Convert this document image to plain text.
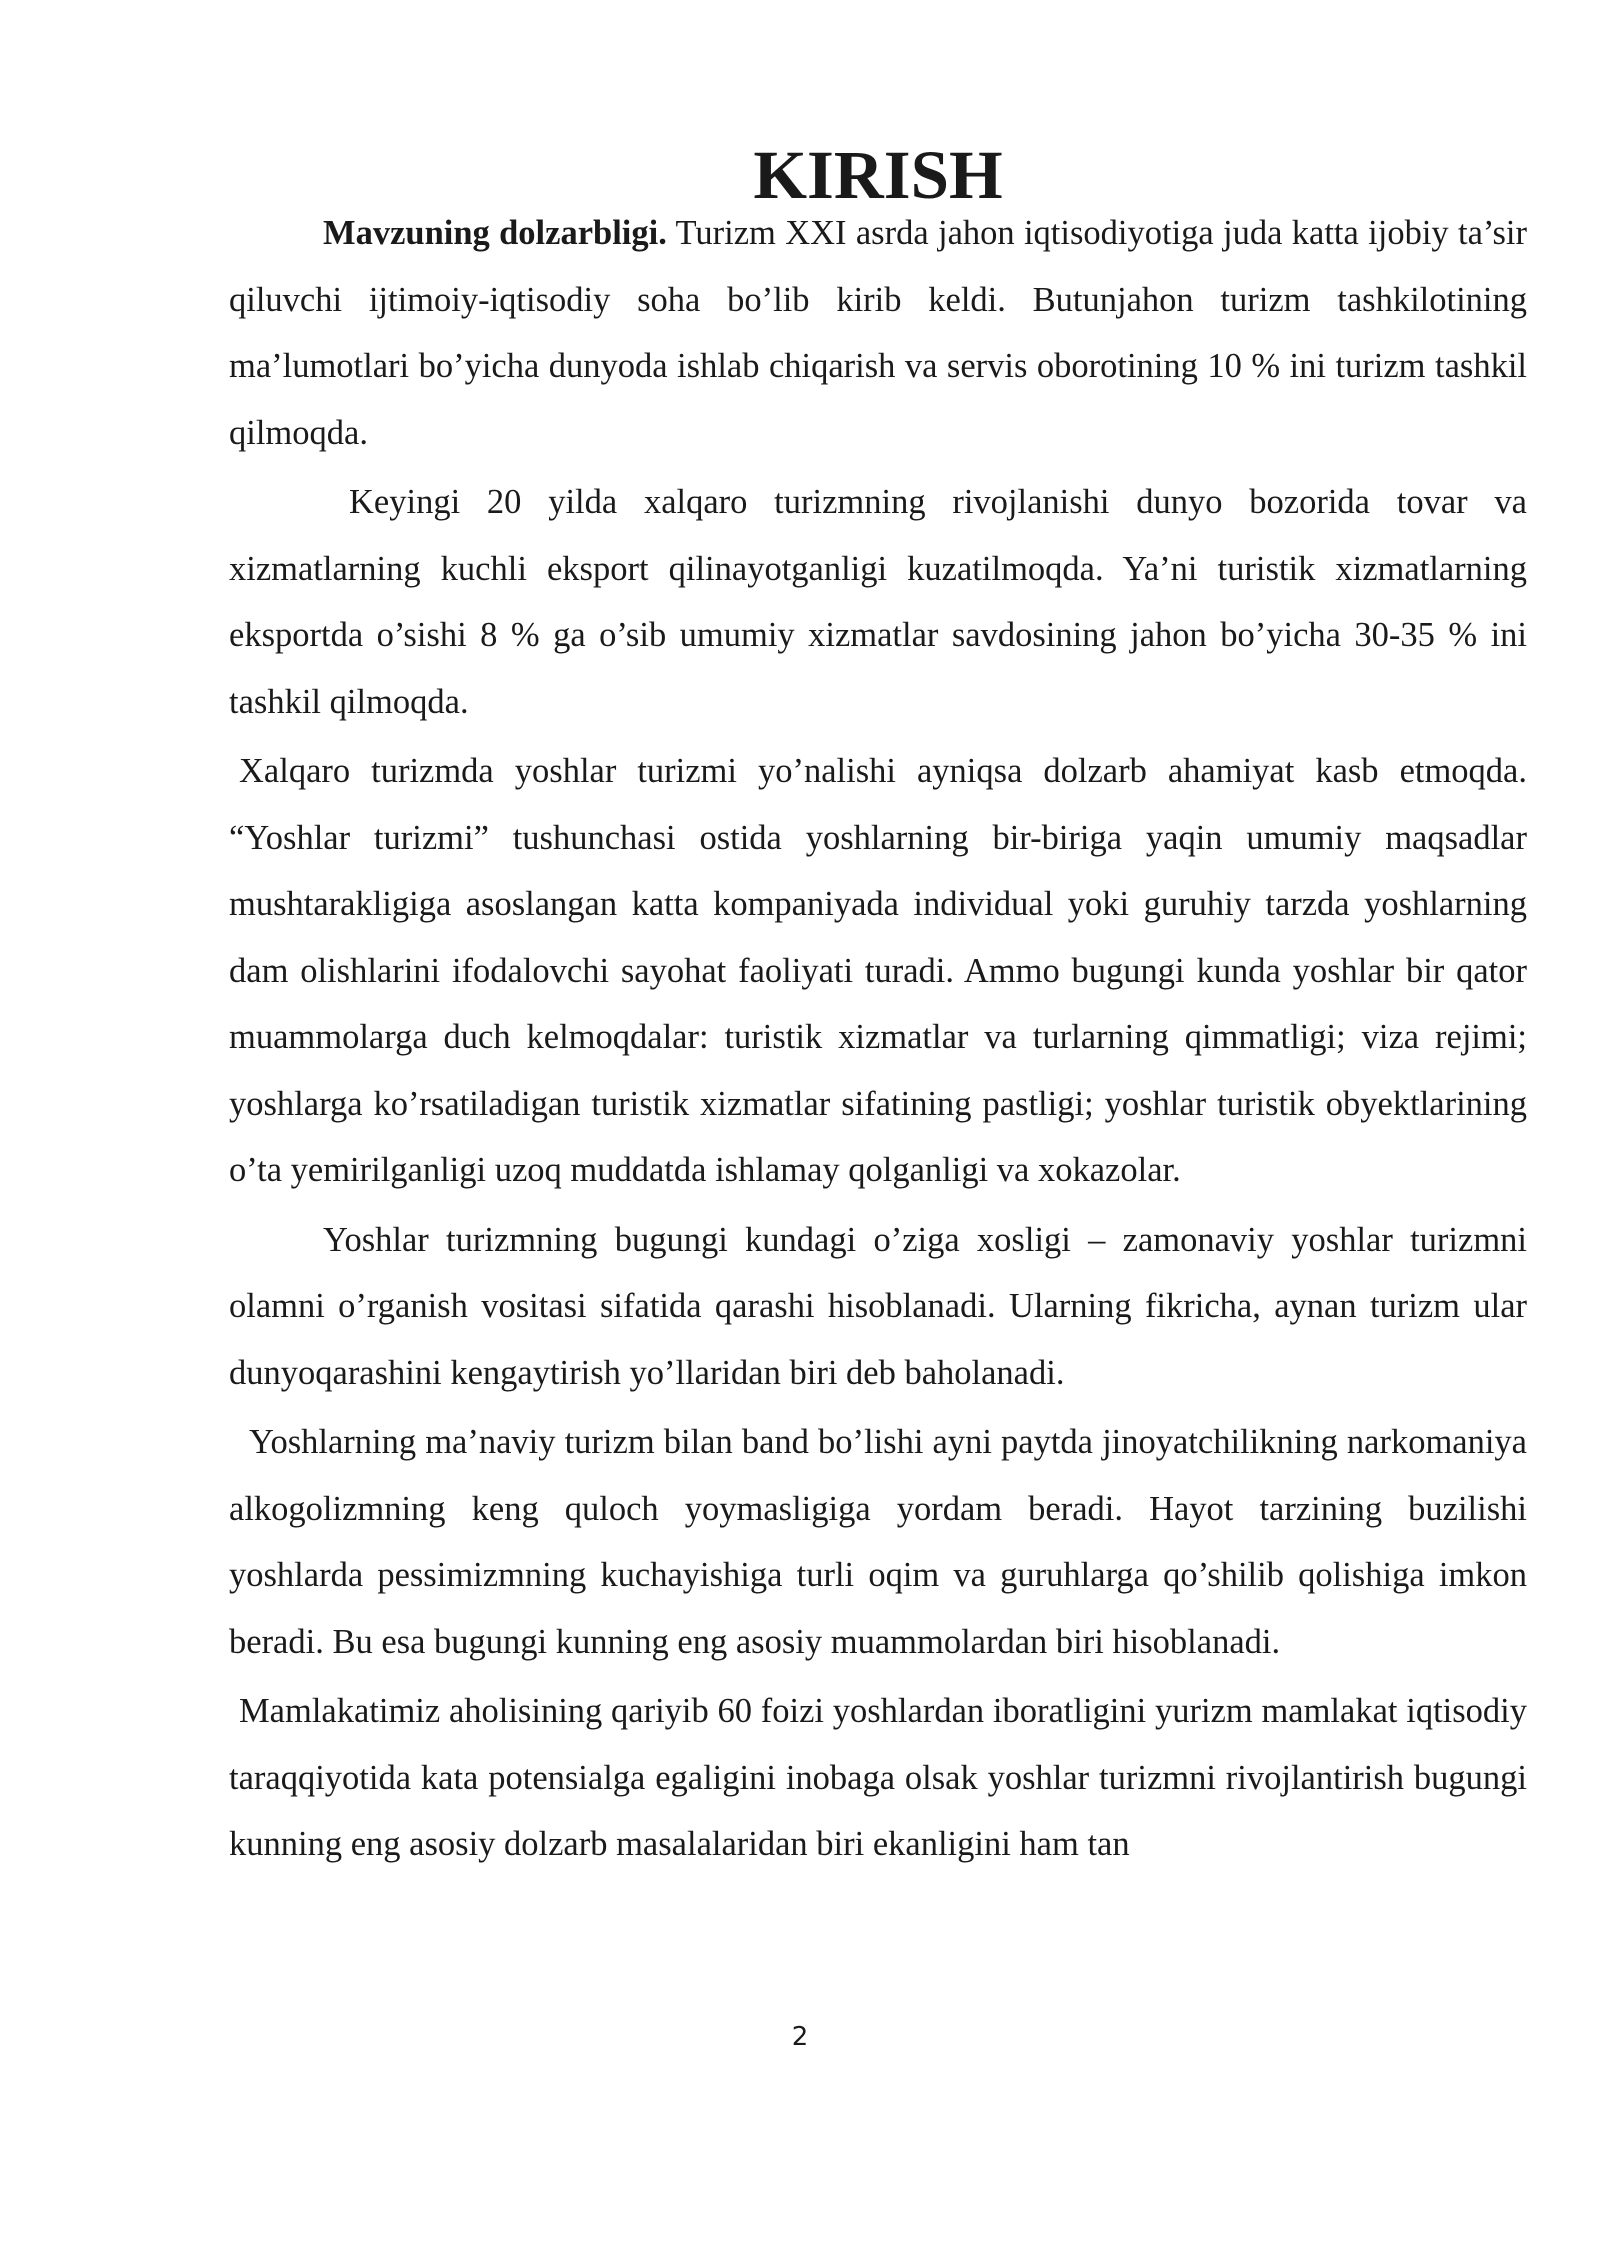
KIRISH

Mavzuning dolzarbligi. Turizm XXI asrda jahon iqtisodiyotiga juda katta ijobiy ta’sir qiluvchi ijtimoiy-iqtisodiy soha bo’lib kirib keldi. Butunjahon turizm tashkilotining ma’lumotlari bo’yicha dunyoda ishlab chiqarish va servis oborotining 10 % ini turizm tashkil qilmoqda.

Keyingi 20 yilda xalqaro turizmning rivojlanishi dunyo bozorida tovar va xizmatlarning kuchli eksport qilinayotganligi kuzatilmoqda. Ya’ni turistik xizmatlarning eksportda o’sishi 8 % ga o’sib umumiy xizmatlar savdosining jahon bo’yicha 30-35 % ini tashkil qilmoqda.

Xalqaro turizmda yoshlar turizmi yo’nalishi ayniqsa dolzarb ahamiyat kasb etmoqda. “Yoshlar turizmi” tushunchasi ostida yoshlarning bir-biriga yaqin umumiy maqsadlar mushtarakligiga asoslangan katta kompaniyada individual yoki guruhiy tarzda yoshlarning dam olishlarini ifodalovchi sayohat faoliyati turadi. Ammo bugungi kunda yoshlar bir qator muammolarga duch kelmoqdalar: turistik xizmatlar va turlarning qimmatligi; viza rejimi; yoshlarga ko’rsatiladigan turistik xizmatlar sifatining pastligi; yoshlar turistik obyektlarining o’ta yemirilganligi uzoq muddatda ishlamay qolganligi va xokazolar.

Yoshlar turizmning bugungi kundagi o’ziga xosligi – zamonaviy yoshlar turizmni olamni o’rganish vositasi sifatida qarashi hisoblanadi. Ularning fikricha, aynan turizm ular dunyoqarashini kengaytirish yo’llaridan biri deb baholanadi.

Yoshlarning ma’naviy turizm bilan band bo’lishi ayni paytda jinoyatchilikning narkomaniya alkogolizmning keng quloch yoymasligiga yordam beradi. Hayot tarzining buzilishi yoshlarda pessimizmning kuchayishiga turli oqim va guruhlarga qo’shilib qolishiga imkon beradi. Bu esa bugungi kunning eng asosiy muammolardan biri hisoblanadi.

Mamlakatimiz aholisining qariyib 60 foizi yoshlardan iboratligini yurizm mamlakat iqtisodiy taraqqiyotida kata potensialga egaligini inobaga olsak yoshlar turizmni rivojlantirish bugungi kunning eng asosiy dolzarb masalalaridan biri ekanligini ham tan

2
